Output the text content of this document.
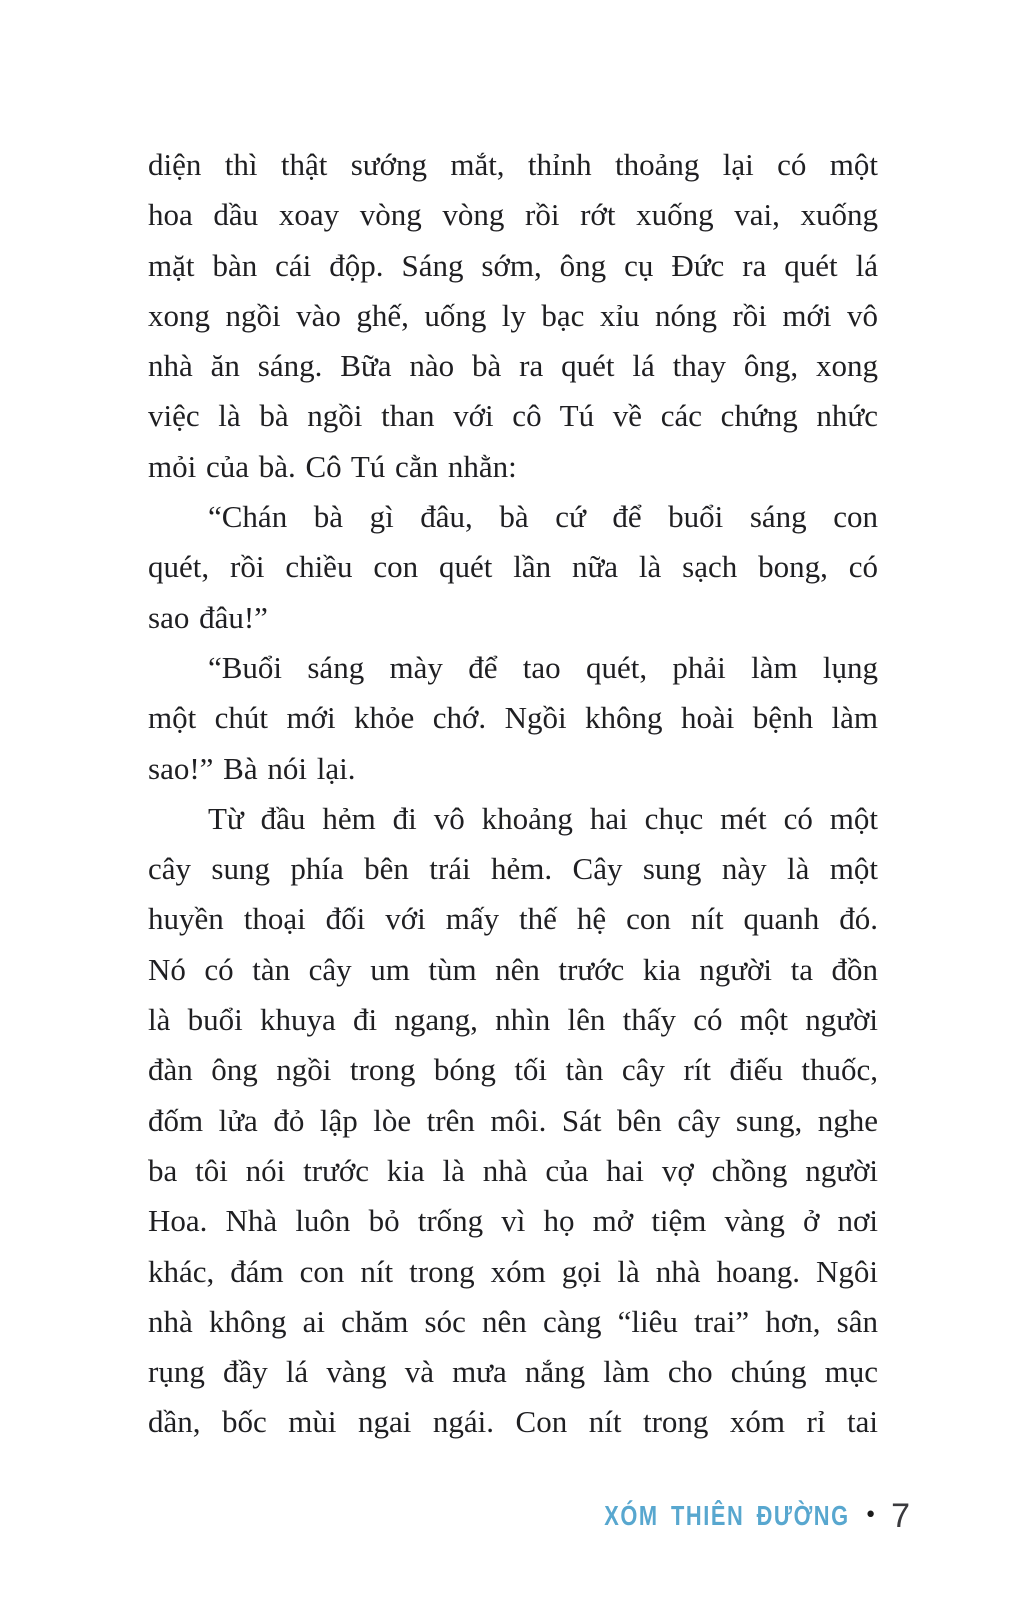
diện thì thật sướng mắt, thỉnh thoảng lại có một
hoa dầu xoay vòng vòng rồi rớt xuống vai, xuống
mặt bàn cái độp. Sáng sớm, ông cụ Đức ra quét lá
xong ngồi vào ghế, uống ly bạc xỉu nóng rồi mới vô
nhà ăn sáng. Bữa nào bà ra quét lá thay ông, xong
việc là bà ngồi than với cô Tú về các chứng nhức
mỏi của bà. Cô Tú cằn nhằn:
“Chán bà gì đâu, bà cứ để buổi sáng con
quét, rồi chiều con quét lần nữa là sạch bong, có
sao đâu!”
“Buổi sáng mày để tao quét, phải làm lụng
một chút mới khỏe chớ. Ngồi không hoài bệnh làm
sao!” Bà nói lại.
Từ đầu hẻm đi vô khoảng hai chục mét có một
cây sung phía bên trái hẻm. Cây sung này là một
huyền thoại đối với mấy thế hệ con nít quanh đó.
Nó có tàn cây um tùm nên trước kia người ta đồn
là buổi khuya đi ngang, nhìn lên thấy có một người
đàn ông ngồi trong bóng tối tàn cây rít điếu thuốc,
đốm lửa đỏ lập lòe trên môi. Sát bên cây sung, nghe
ba tôi nói trước kia là nhà của hai vợ chồng người
Hoa. Nhà luôn bỏ trống vì họ mở tiệm vàng ở nơi
khác, đám con nít trong xóm gọi là nhà hoang. Ngôi
nhà không ai chăm sóc nên càng “liêu trai” hơn, sân
rụng đầy lá vàng và mưa nắng làm cho chúng mục
dần, bốc mùi ngai ngái. Con nít trong xóm rỉ tai
XÓM THIÊN ĐƯỜNG • 7
